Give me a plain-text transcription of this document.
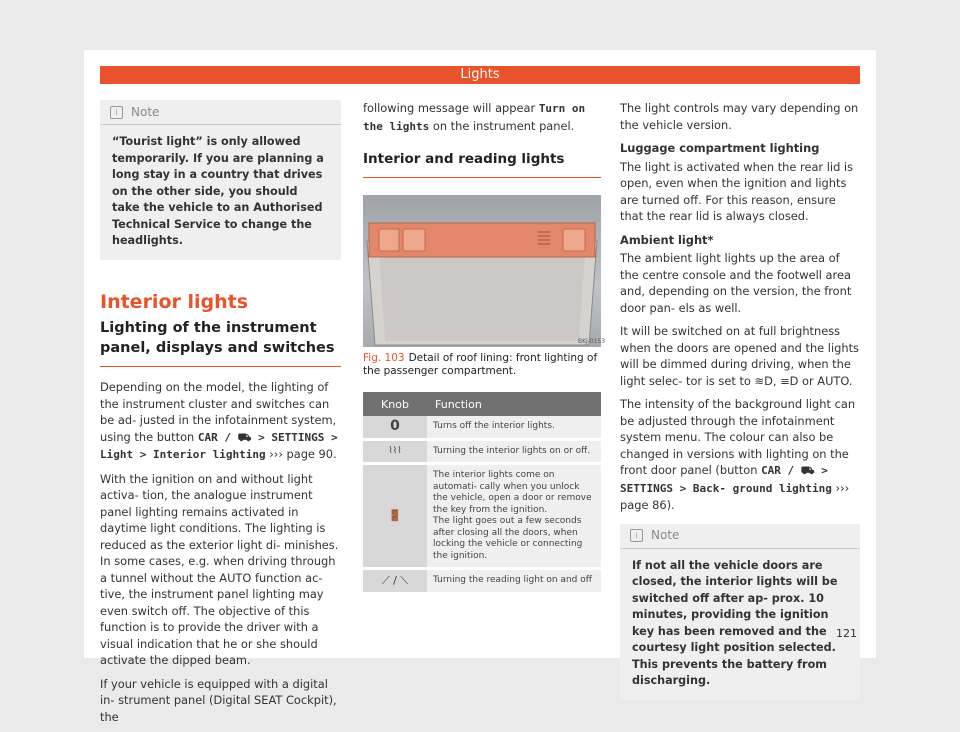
Lights
i	Note
“Tourist light” is only allowed temporarily. If you are planning a long stay in a country that drives on the other side, you should take the vehicle to an Authorised Technical Service to change the headlights.
Interior lights
Lighting of the instrument panel, displays and switches

Depending on the model, the lighting of the instrument cluster and switches can be ad- justed in the infotainment system, using the button CAR / ⛟ > SETTINGS > Light > Interior lighting ››› page 90.

With the ignition on and without light activa- tion, the analogue instrument panel lighting remains activated in daytime light conditions. The lighting is reduced as the exterior light di- minishes. In some cases, e.g. when driving through a tunnel without the AUTO function ac- tive, the instrument panel lighting may even switch off. The objective of this function is to provide the driver with a visual indication that he or she should activate the dipped beam.

If your vehicle is equipped with a digital in- strument panel (Digital SEAT Cockpit), the

following message will appear Turn on the lights on the instrument panel.

Interior and reading lights
BKJ-0153
Fig. 103 Detail of roof lining: front lighting of the passenger compartment.
Knob	Function
0	Turns off the interior lights.
⌇⌇⌇	Turning the interior lights on or off.
🚪	The interior lights come on automati- cally when you unlock the vehicle, open a door or remove the key from the ignition.
The light goes out a few seconds after closing all the doors, when locking the vehicle or connecting the ignition.
⟋ / ⟍	Turning the reading light on and off

The light controls may vary depending on the vehicle version.

Luggage compartment lighting

The light is activated when the rear lid is open, even when the ignition and lights are turned off. For this reason, ensure that the rear lid is always closed.

Ambient light*

The ambient light lights up the area of the centre console and the footwell area and, depending on the version, the front door pan- els as well.

It will be switched on at full brightness when the doors are opened and the lights will be dimmed during driving, when the light selec- tor is set to ≋D, ≡D or AUTO.

The intensity of the background light can be adjusted through the infotainment system menu. The colour can also be changed in versions with lighting on the front door panel (button CAR / ⛟ > SETTINGS > Back- ground lighting ››› page 86).

i	Note
If not all the vehicle doors are closed, the interior lights will be switched off after ap- prox. 10 minutes, providing the ignition key has been removed and the courtesy light position selected. This prevents the battery from discharging.
121
